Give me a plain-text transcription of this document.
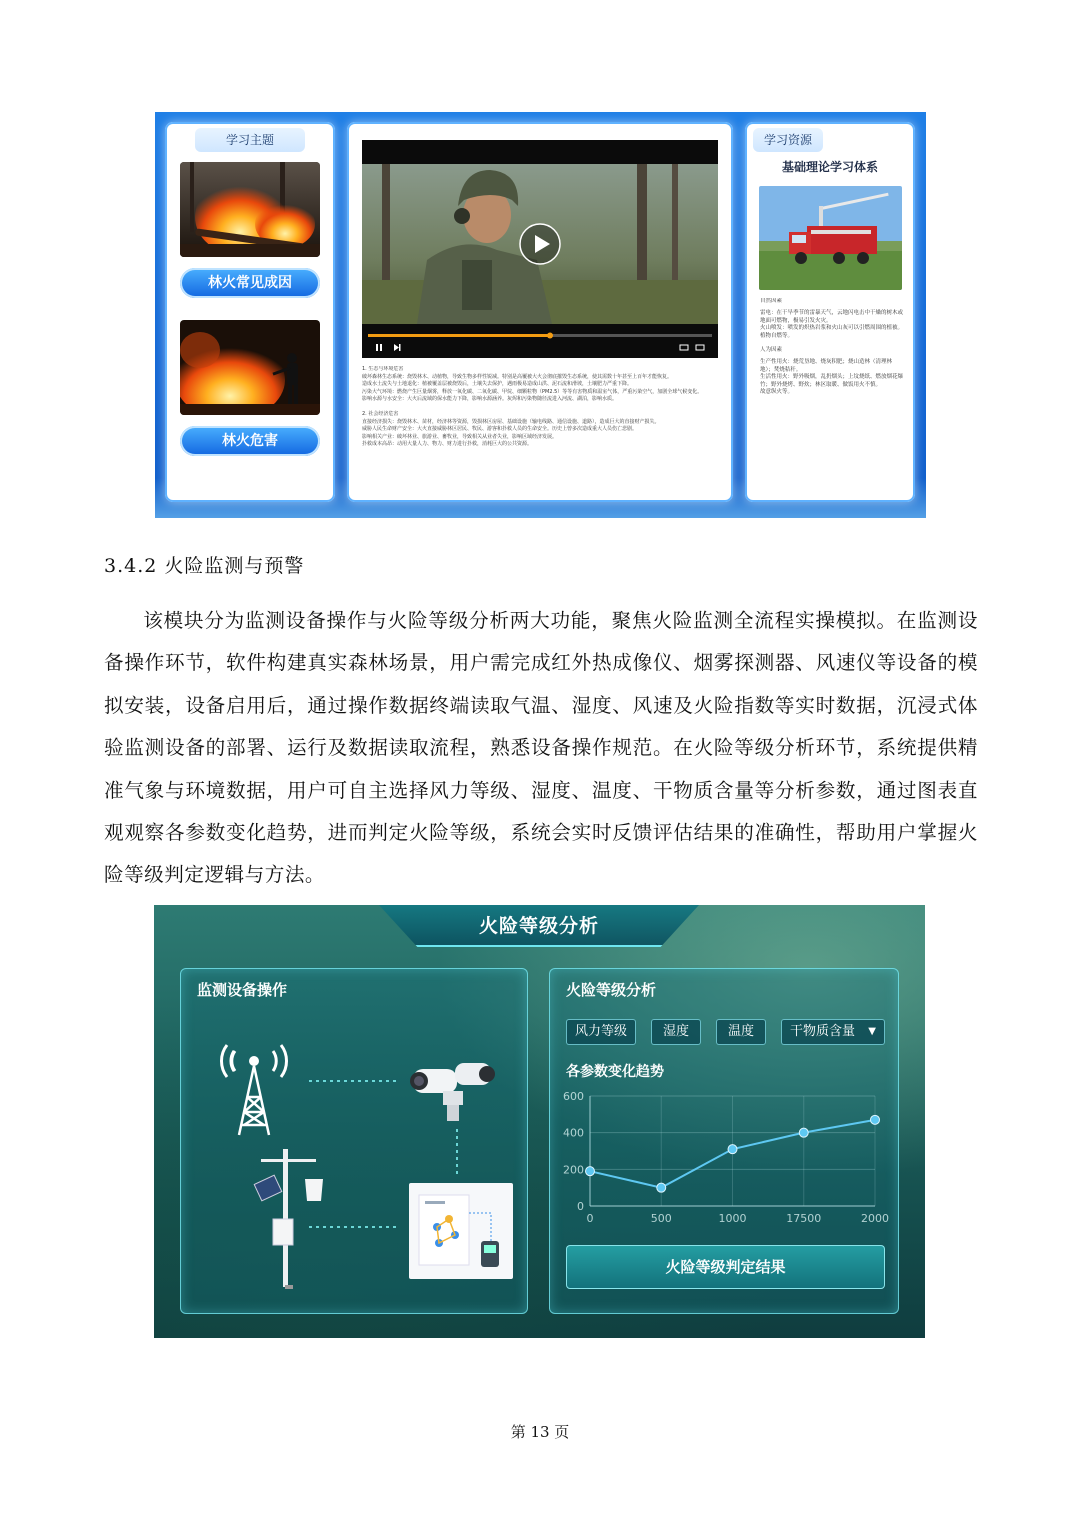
学习主题
林火常见成因
林火危害
1. 生态与环境危害
破坏森林生态系统：烧毁林木、动植物，导致生物多样性锐减。特别是高覆被大火会彻底摧毁生态系统，使其需数十年甚至上百年才能恢复。
造成水土流失与土地退化：植被覆盖层被烧毁后，土壤失去保护，遇雨极易造成山洪、泥石流和滑坡，土壤肥力严重下降。
污染大气环境：燃烧产生巨量烟雾，释放一氧化碳、二氧化碳、甲烷、细颗粒物（PM2.5）等等有害物质和温室气体，严重污染空气，加剧全球气候变化。
影响水源与水安全：大火后流域的保水能力下降，影响水源涵养。灰烬和污染物随径流进入河流、湖泊，影响水质。
2. 社会经济危害
直接经济损失：烧毁林木、苗材，经济林等资源，毁损林区房屋、基础设施（输电线路、通信设施、道路），造成巨大的直接财产损失。
威胁人民生命财产安全：大火直接威胁林区居民、牧民、游客和扑救人员的生命安全。历史上曾多次造成重大人员伤亡悲剧。
影响相关产业：破坏林业、旅游业、畜牧业，导致相关从业者失业，影响区域经济发展。
扑救成本高昂：动用大量人力、物力、财力进行扑救，消耗巨大的公共资源。
学习资源
基础理论学习体系
自然因素
雷电：在干旱季节的雷暴天气，云地闪电击中干燥的树木或地面可燃物，极易引发火灾。
火山喷发：喷发的炽热岩浆和火山灰可以引燃周围的植被。
植物自燃等。
人为因素
生产性用火：烧荒垦地、烧灰积肥；烧山造林（清理林地）；焚烧秸秆。
生活性用火：野外吸烟，乱扔烟头；上坟烧纸、燃放烟花爆竹；野外烧烤、野炊；林区取暖、做饭用火不慎。
故意纵火等。
3.4.2 火险监测与预警
该模块分为监测设备操作与火险等级分析两大功能，聚焦火险监测全流程实操模拟。在监测设备操作环节，软件构建真实森林场景，用户需完成红外热成像仪、烟雾探测器、风速仪等设备的模拟安装，设备启用后，通过操作数据终端读取气温、湿度、风速及火险指数等实时数据，沉浸式体验监测设备的部署、运行及数据读取流程，熟悉设备操作规范。在火险等级分析环节，系统提供精准气象与环境数据，用户可自主选择风力等级、湿度、温度、干物质含量等分析参数，通过图表直观观察各参数变化趋势，进而判定火险等级，系统会实时反馈评估结果的准确性，帮助用户掌握火险等级判定逻辑与方法。
火险等级分析
监测设备操作	火险等级分析
风力等级	湿度	温度	干物质含量 ▼
各参数变化趋势
0
200
400
600
0	500	1000	17500	2000
火险等级判定结果
第 13 页
